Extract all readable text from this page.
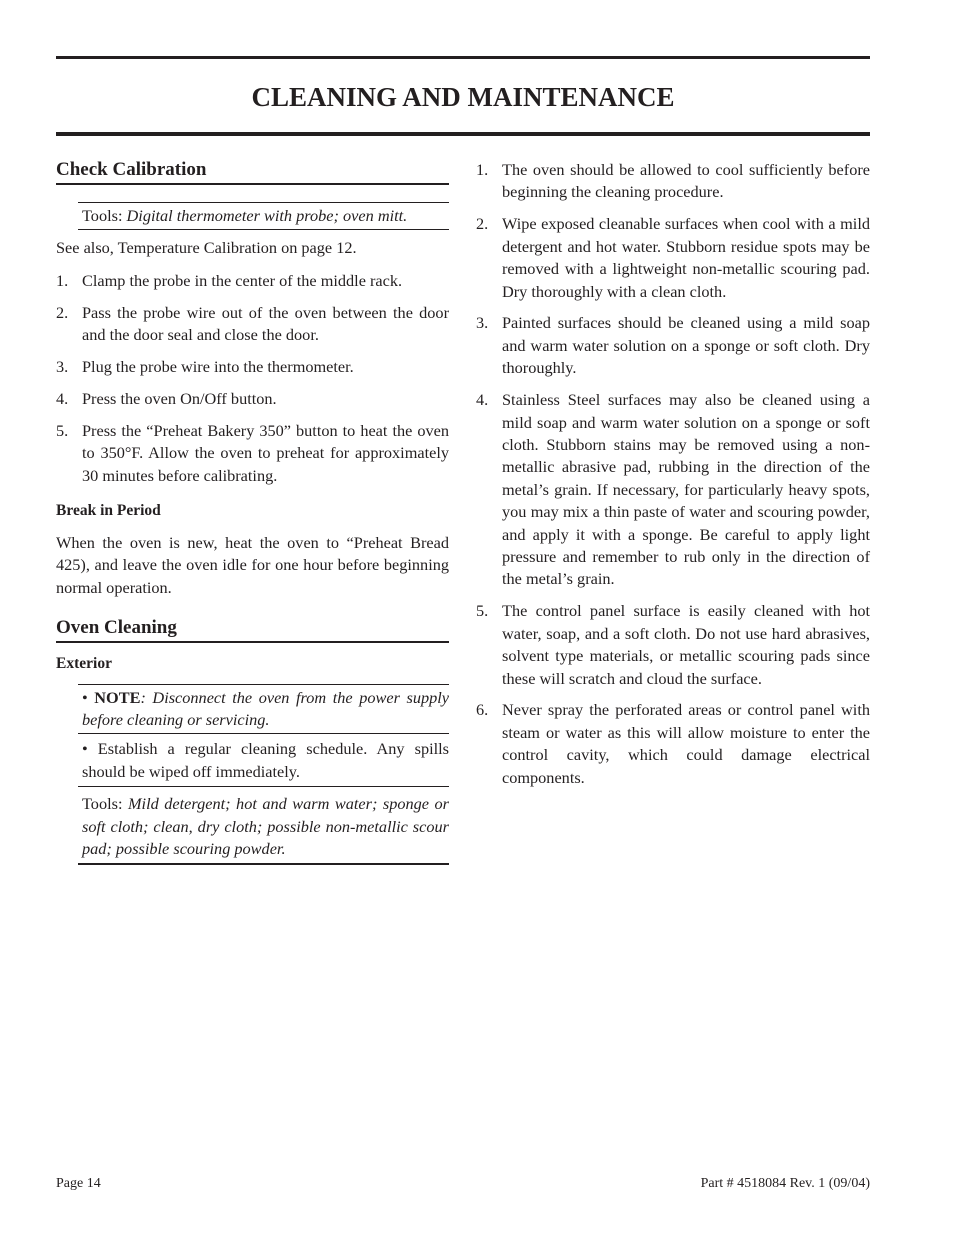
CLEANING AND MAINTENANCE
Check Calibration
Tools: Digital thermometer with probe; oven mitt.

See also, Temperature Calibration on page 12.

1. Clamp the probe in the center of the middle rack.
2. Pass the probe wire out of the oven between the door and the door seal and close the door.
3. Plug the probe wire into the thermometer.
4. Press the oven On/Off button.
5. Press the “Preheat Bakery 350” button to heat the oven to 350°F. Allow the oven to preheat for approximately 30 minutes before calibrating.

Break in Period

When the oven is new, heat the oven to “Preheat Bread 425), and leave the oven idle for one hour before beginning normal operation.

Oven Cleaning

Exterior

• NOTE: Disconnect the oven from the power supply before cleaning or servicing.
• Establish a regular cleaning schedule. Any spills should be wiped off immediately.
Tools: Mild detergent; hot and warm water; sponge or soft cloth; clean, dry cloth; possible non-metallic scour pad; possible scouring powder.
1. The oven should be allowed to cool sufficiently before beginning the cleaning procedure.
2. Wipe exposed cleanable surfaces when cool with a mild detergent and hot water. Stubborn residue spots may be removed with a lightweight non-metallic scouring pad. Dry thoroughly with a clean cloth.
3. Painted surfaces should be cleaned using a mild soap and warm water solution on a sponge or soft cloth. Dry thoroughly.
4. Stainless Steel surfaces may also be cleaned using a mild soap and warm water solution on a sponge or soft cloth. Stubborn stains may be removed using a non-metallic abrasive pad, rubbing in the direction of the metal’s grain. If necessary, for particularly heavy spots, you may mix a thin paste of water and scouring powder, and apply it with a sponge. Be careful to apply light pressure and remember to rub only in the direction of the metal’s grain.
5. The control panel surface is easily cleaned with hot water, soap, and a soft cloth. Do not use hard abrasives, solvent type materials, or metallic scouring pads since these will scratch and cloud the surface.
6. Never spray the perforated areas or control panel with steam or water as this will allow moisture to enter the control cavity, which could damage electrical components.
Page 14	Part # 4518084 Rev. 1 (09/04)
